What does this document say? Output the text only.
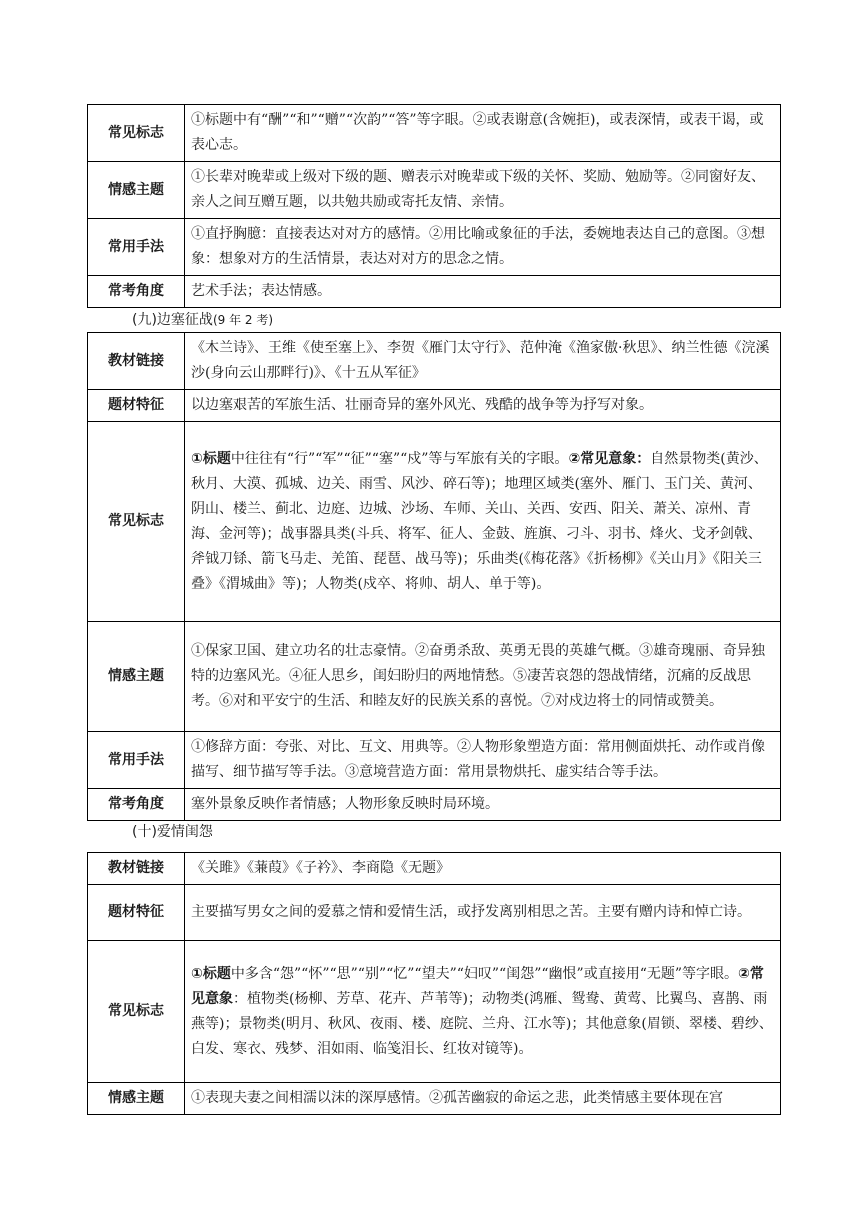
常见标志	①标题中有“酬”“和”“赠”“次韵”“答”等字眼。②或表谢意(含婉拒)，或表深情，或表干谒，或表心志。
情感主题	①长辈对晚辈或上级对下级的题、赠表示对晚辈或下级的关怀、奖励、勉励等。②同窗好友、亲人之间互赠互题，以共勉共励或寄托友情、亲情。
常用手法	①直抒胸臆：直接表达对对方的感情。②用比喻或象征的手法，委婉地表达自己的意图。③想象：想象对方的生活情景，表达对对方的思念之情。
常考角度	艺术手法；表达情感。
(九)边塞征战(9 年 2 考)
教材链接	《木兰诗》、王维《使至塞上》、李贺《雁门太守行》、范仲淹《渔家傲·秋思》、纳兰性德《浣溪沙(身向云山那畔行)》、《十五从军征》
题材特征	以边塞艰苦的军旅生活、壮丽奇异的塞外风光、残酷的战争等为抒写对象。
常见标志	①标题中往往有“行”“军”“征”“塞”“戍”等与军旅有关的字眼。②常见意象：自然景物类(黄沙、秋月、大漠、孤城、边关、雨雪、风沙、碎石等)；地理区域类(塞外、雁门、玉门关、黄河、阴山、楼兰、蓟北、边庭、边城、沙场、车师、关山、关西、安西、阳关、萧关、凉州、青海、金河等)；战事器具类(斗兵、将军、征人、金鼓、旌旗、刁斗、羽书、烽火、戈矛剑戟、斧钺刀铩、箭飞马走、羌笛、琵琶、战马等)；乐曲类(《梅花落》《折杨柳》《关山月》《阳关三叠》《渭城曲》等)；人物类(戍卒、将帅、胡人、单于等)。
情感主题	①保家卫国、建立功名的壮志豪情。②奋勇杀敌、英勇无畏的英雄气概。③雄奇瑰丽、奇异独特的边塞风光。④征人思乡，闺妇盼归的两地情愁。⑤凄苦哀怨的怨战情绪，沉痛的反战思考。⑥对和平安宁的生活、和睦友好的民族关系的喜悦。⑦对戍边将士的同情或赞美。
常用手法	①修辞方面：夸张、对比、互文、用典等。②人物形象塑造方面：常用侧面烘托、动作或肖像描写、细节描写等手法。③意境营造方面：常用景物烘托、虚实结合等手法。
常考角度	塞外景象反映作者情感；人物形象反映时局环境。
(十)爱情闺怨
教材链接	《关雎》《蒹葭》《子衿》、李商隐《无题》
题材特征	主要描写男女之间的爱慕之情和爱情生活，或抒发离别相思之苦。主要有赠内诗和悼亡诗。
常见标志	①标题中多含“怨”“怀”“思”“别”“忆”“望夫”“妇叹”“闺怨”“幽恨”或直接用“无题”等字眼。②常见意象：植物类(杨柳、芳草、花卉、芦苇等)；动物类(鸿雁、鸳鸯、黄莺、比翼鸟、喜鹊、雨燕等)；景物类(明月、秋风、夜雨、楼、庭院、兰舟、江水等)；其他意象(眉锁、翠楼、碧纱、白发、寒衣、残梦、泪如雨、临笺泪长、红妆对镜等)。
情感主题	①表现夫妻之间相濡以沫的深厚感情。②孤苦幽寂的命运之悲，此类情感主要体现在宫
